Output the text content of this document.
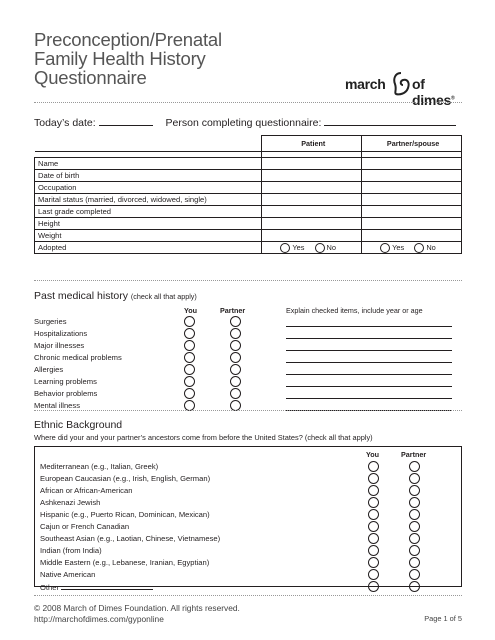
Preconception/Prenatal
Family Health History
Questionnaire	march of dimes®
Today’s date:	Person completing questionnaire:
	Patient	Partner/spouse

Name		
Date of birth		
Occupation		
Marital status (married, divorced, widowed, single)		
Last grade completed		
Height		
Weight		
Adopted	Yes No	Yes No
Past medical history (check all that apply)
You	Partner	Explain checked items, include year or age
Surgeries
Hospitalizations
Major illnesses
Chronic medical problems
Allergies
Learning problems
Behavior problems
Mental illness
Ethnic Background
Where did your and your partner’s ancestors come from before the United States? (check all that apply)
You	Partner
Mediterranean (e.g., Italian, Greek)
European Caucasian (e.g., Irish, English, German)
African or African-American
Ashkenazi Jewish
Hispanic (e.g., Puerto Rican, Dominican, Mexican)
Cajun or French Canadian
Southeast Asian (e.g., Laotian, Chinese, Vietnamese)
Indian (from India)
Middle Eastern (e.g., Lebanese, Iranian, Egyptian)
Native American
Other
© 2008 March of Dimes Foundation. All rights reserved.
http://marchofdimes.com/gyponline	Page 1 of 5
